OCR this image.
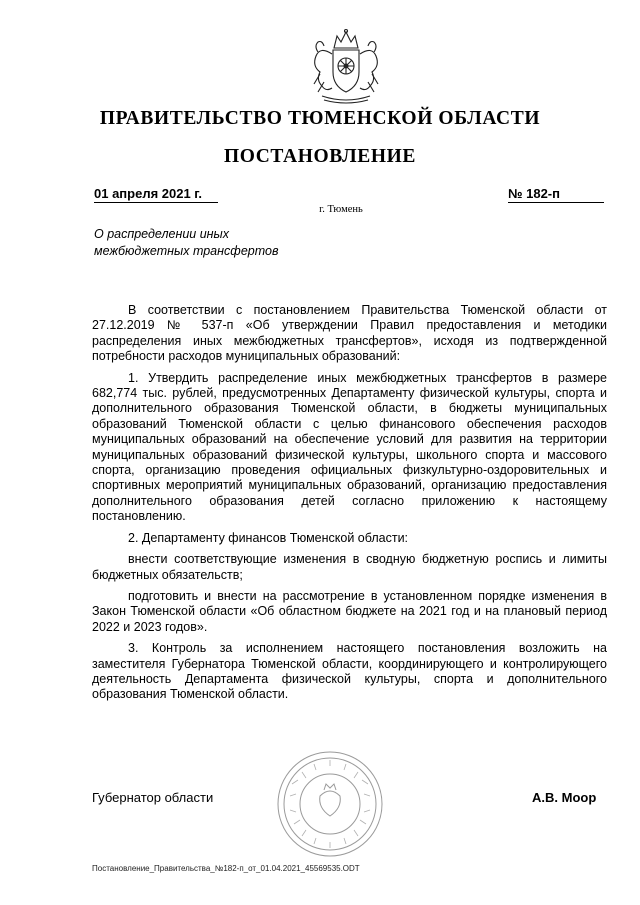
ПРАВИТЕЛЬСТВО ТЮМЕНСКОЙ ОБЛАСТИ
ПОСТАНОВЛЕНИЕ
01 апреля 2021 г.	№ 182-п
г. Тюмень
О распределении иных
межбюджетных трансфертов

В соответствии с постановлением Правительства Тюменской области от 27.12.2019 № 537-п «Об утверждении Правил предоставления и методики распределения иных межбюджетных трансфертов», исходя из подтвержденной потребности расходов муниципальных образований:

1. Утвердить распределение иных межбюджетных трансфертов в размере 682,774 тыс. рублей, предусмотренных Департаменту физической культуры, спорта и дополнительного образования Тюменской области, в бюджеты муниципальных образований Тюменской области с целью финансового обеспечения расходов муниципальных образований на обеспечение условий для развития на территории муниципальных образований физической культуры, школьного спорта и массового спорта, организацию проведения официальных физкультурно-оздоровительных и спортивных мероприятий муниципальных образований, организацию предоставления дополнительного образования детей согласно приложению к настоящему постановлению.

2. Департаменту финансов Тюменской области:

внести соответствующие изменения в сводную бюджетную роспись и лимиты бюджетных обязательств;

подготовить и внести на рассмотрение в установленном порядке изменения в Закон Тюменской области «Об областном бюджете на 2021 год и на плановый период 2022 и 2023 годов».

3. Контроль за исполнением настоящего постановления возложить на заместителя Губернатора Тюменской области, координирующего и контролирующего деятельность Департамента физической культуры, спорта и дополнительного образования Тюменской области.

Губернатор области	А.В. Моор
Постановление_Правительства_№182-п_от_01.04.2021_45569535.ODT
